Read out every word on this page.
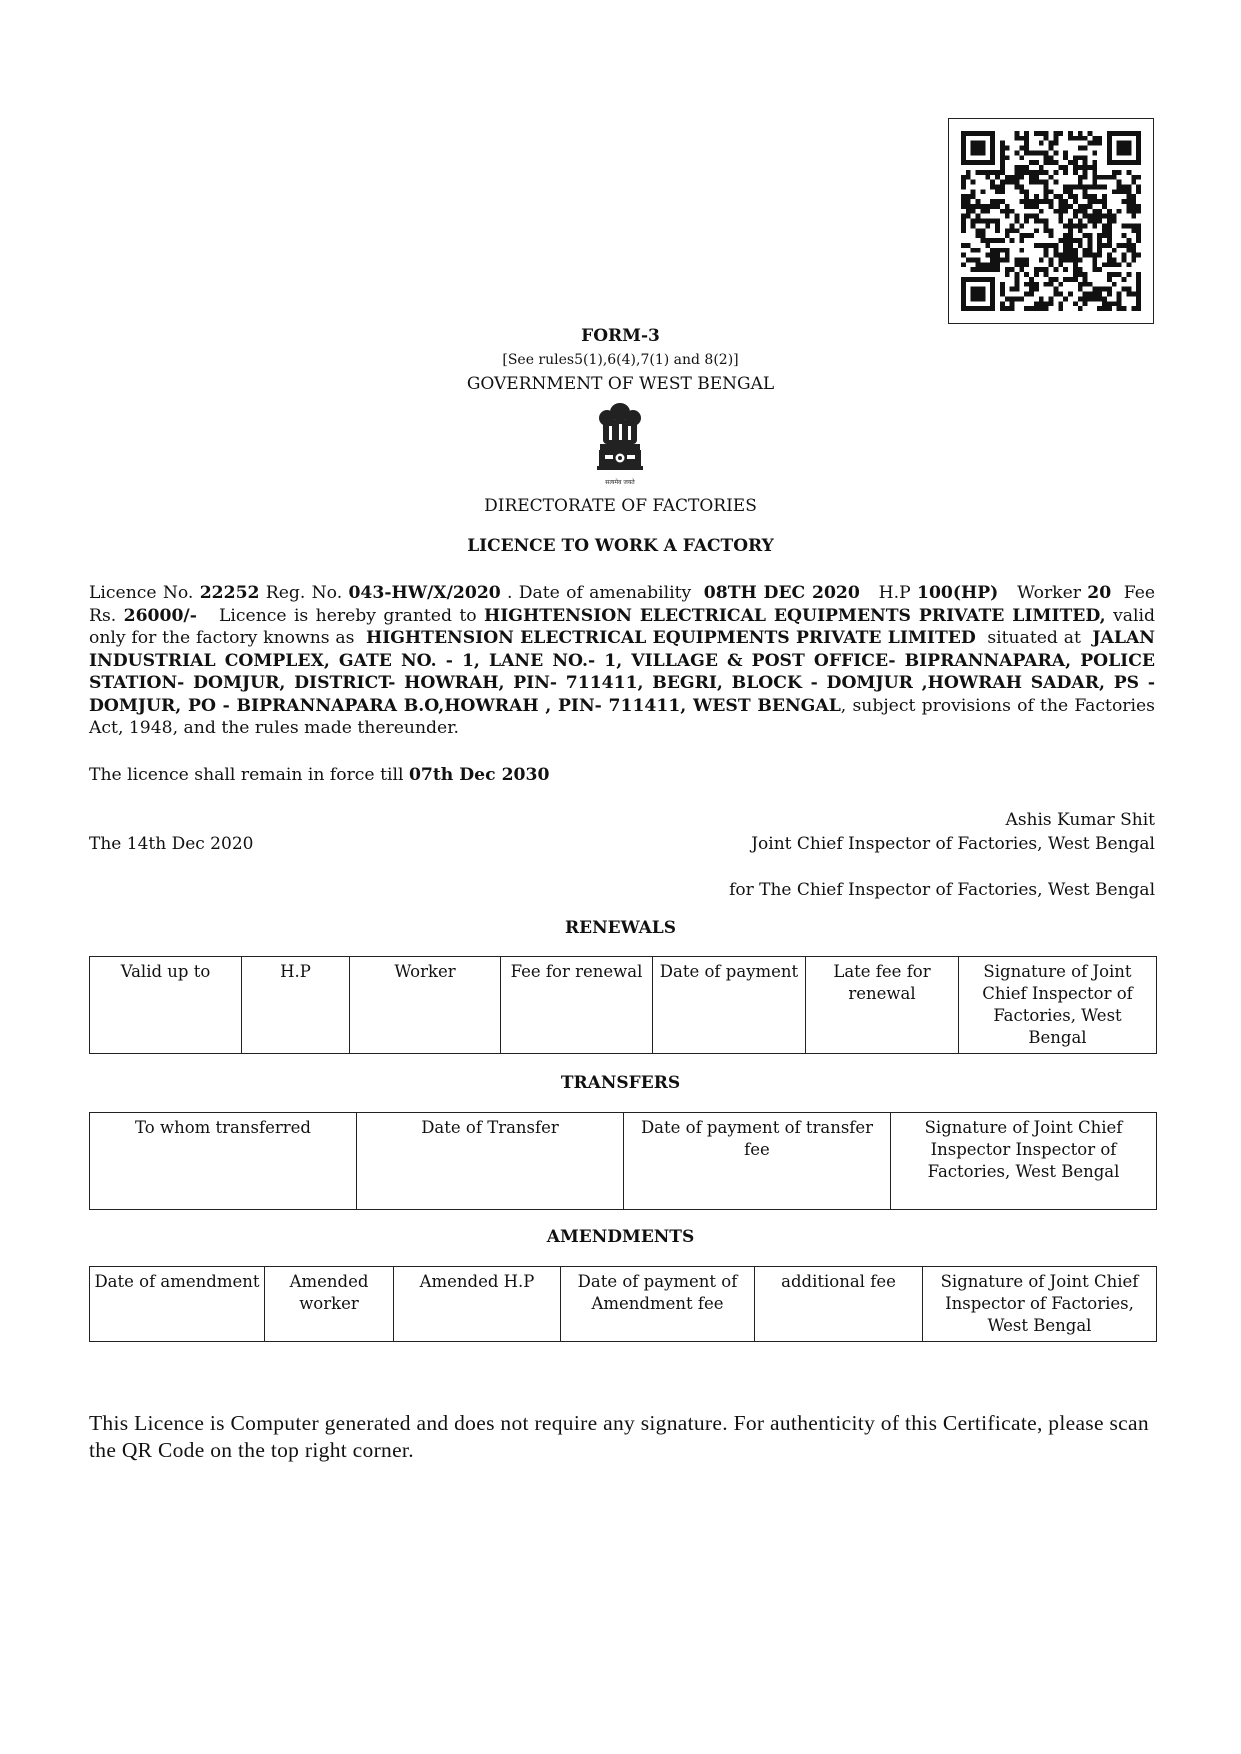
FORM-3
[See rules5(1),6(4),7(1) and 8(2)]
GOVERNMENT OF WEST BENGAL
सत्यमेव जयते
DIRECTORATE OF FACTORIES
LICENCE TO WORK A FACTORY
Licence No. 22252 Reg. No. 043-HW/X/2020 . Date of amenability 08TH DEC 2020 H.P 100(HP) Worker 20 Fee Rs. 26000/- Licence is hereby granted to HIGHTENSION ELECTRICAL EQUIPMENTS PRIVATE LIMITED, valid only for the factory knowns as HIGHTENSION ELECTRICAL EQUIPMENTS PRIVATE LIMITED situated at JALAN INDUSTRIAL COMPLEX, GATE NO. - 1, LANE NO.- 1, VILLAGE & POST OFFICE- BIPRANNAPARA, POLICE STATION- DOMJUR, DISTRICT- HOWRAH, PIN- 711411, BEGRI, BLOCK - DOMJUR ,HOWRAH SADAR, PS - DOMJUR, PO - BIPRANNAPARA B.O,HOWRAH , PIN- 711411, WEST BENGAL, subject provisions of the Factories Act, 1948, and the rules made thereunder.
The licence shall remain in force till 07th Dec 2030
Ashis Kumar Shit
The 14th Dec 2020	Joint Chief Inspector of Factories, West Bengal
for The Chief Inspector of Factories, West Bengal
RENEWALS
Valid up to	H.P	Worker	Fee for renewal	Date of payment	Late fee for renewal	Signature of Joint Chief Inspector of Factories, West Bengal
TRANSFERS
To whom transferred	Date of Transfer	Date of payment of transfer fee	Signature of Joint Chief Inspector Inspector of Factories, West Bengal
AMENDMENTS
Date of amendment	Amended worker	Amended H.P	Date of payment of Amendment fee	additional fee	Signature of Joint Chief Inspector of Factories, West Bengal
This Licence is Computer generated and does not require any signature. For authenticity of this Certificate, please scan the QR Code on the top right corner.
